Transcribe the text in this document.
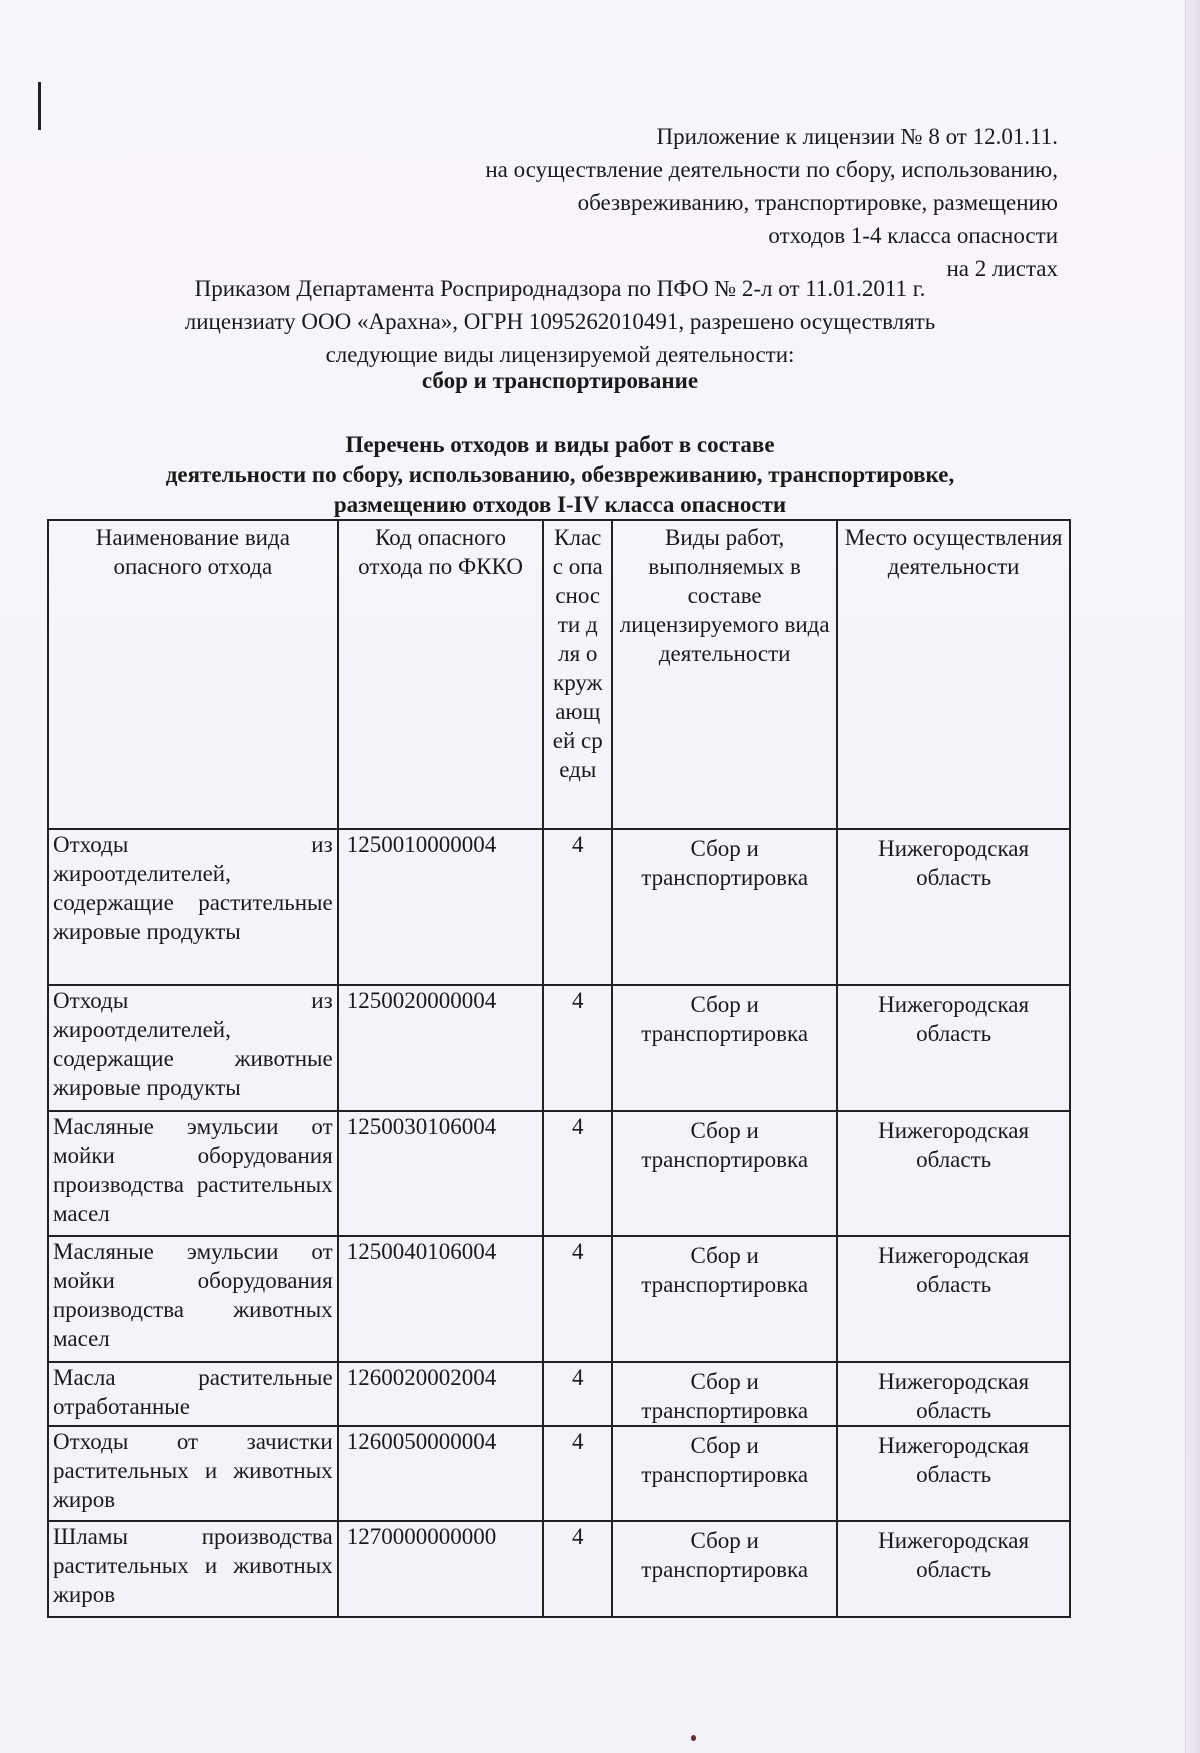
Приложение к лицензии № 8 от 12.01.11.
на осуществление деятельности по сбору, использованию,
обезвреживанию, транспортировке, размещению
отходов 1-4 класса опасности
на 2 листах
Приказом Департамента Росприроднадзора по ПФО № 2-л от 11.01.2011 г.
лицензиату ООО «Арахна», ОГРН 1095262010491, разрешено осуществлять
следующие виды лицензируемой деятельности:
сбор и транспортирование
Перечень отходов и виды работ в составе
деятельности по сбору, использованию, обезвреживанию, транспортировке,
размещению отходов I-IV класса опасности
Наименование вида опасного отхода	Код опасного отхода по ФККО	Класс опасности для окружающей среды	Виды работ, выполняемых в составе лицензируемого вида деятельности	Место осуществления деятельности
Отходы из жироотделителей, содержащие растительные жировые продукты	1250010000004	4	Сбор и транспортировка	Нижегородская область
Отходы из жироотделителей, содержащие животные жировые продукты	1250020000004	4	Сбор и транспортировка	Нижегородская область
Масляные эмульсии от мойки оборудования производства растительных масел	1250030106004	4	Сбор и транспортировка	Нижегородская область
Масляные эмульсии от мойки оборудования производства животных масел	1250040106004	4	Сбор и транспортировка	Нижегородская область
Масла растительные отработанные	1260020002004	4	Сбор и транспортировка	Нижегородская область
Отходы от зачистки растительных и животных жиров	1260050000004	4	Сбор и транспортировка	Нижегородская область
Шламы производства растительных и животных жиров	1270000000000	4	Сбор и транспортировка	Нижегородская область
